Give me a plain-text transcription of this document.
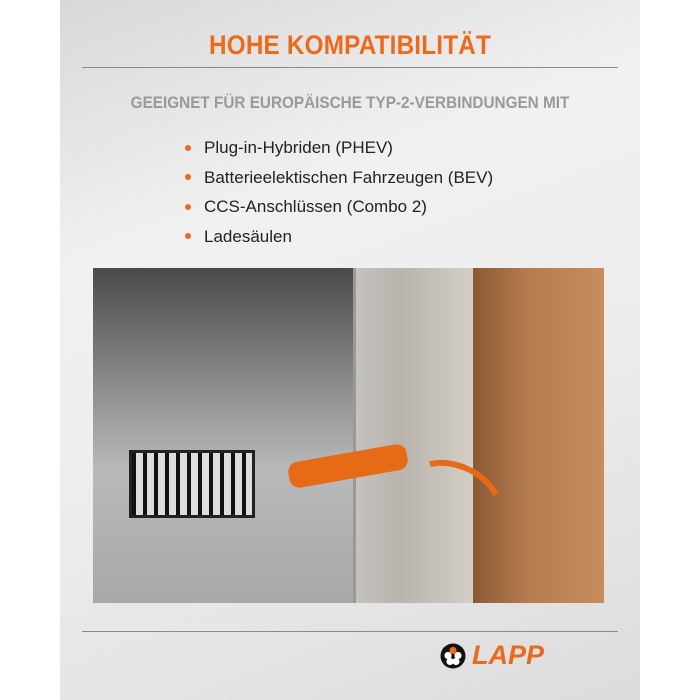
HOHE KOMPATIBILITÄT
GEEIGNET FÜR EUROPÄISCHE TYP-2-VERBINDUNGEN MIT
Plug-in-Hybriden (PHEV)
Batterieelektischen Fahrzeugen (BEV)
CCS-Anschlüssen (Combo 2)
Ladesäulen
LAPP
